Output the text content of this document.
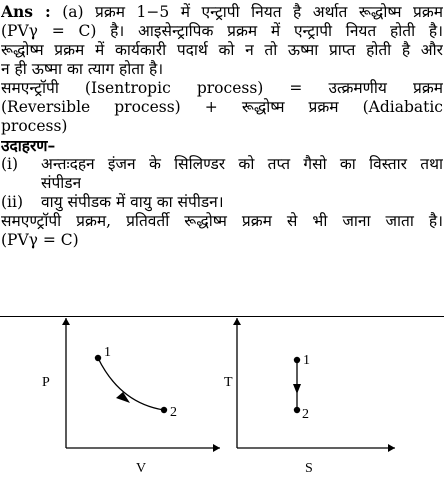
Ans : (a) प्रक्रम 1−5 में एन्ट्रापी नियत है अर्थात रूद्धोष्म प्रक्रम
(PVγ = C) है। आइसेन्ट्रापिक प्रक्रम में एन्ट्रापी नियत होती है।
रूद्धोष्म प्रक्रम में कार्यकारी पदार्थ को न तो ऊष्मा प्राप्त होती है और
न ही ऊष्मा का त्याग होता है।
समएन्ट्रॉपी (Isentropic process) = उत्क्रमणीय प्रक्रम
(Reversible process) + रूद्धोष्म प्रक्रम (Adiabatic
process)
उदाहरण–
(i)	अन्तःदहन इंजन के सिलिण्डर को तप्त गैसो का विस्तार तथा
संपीडन
(ii)	वायु संपीडक में वायु का संपीडन।
समएण्ट्रॉपी प्रक्रम, प्रतिवर्ती रूद्धोष्म प्रक्रम से भी जाना जाता है।
(PVγ = C)
P
V
1
2
T
S
1
2
